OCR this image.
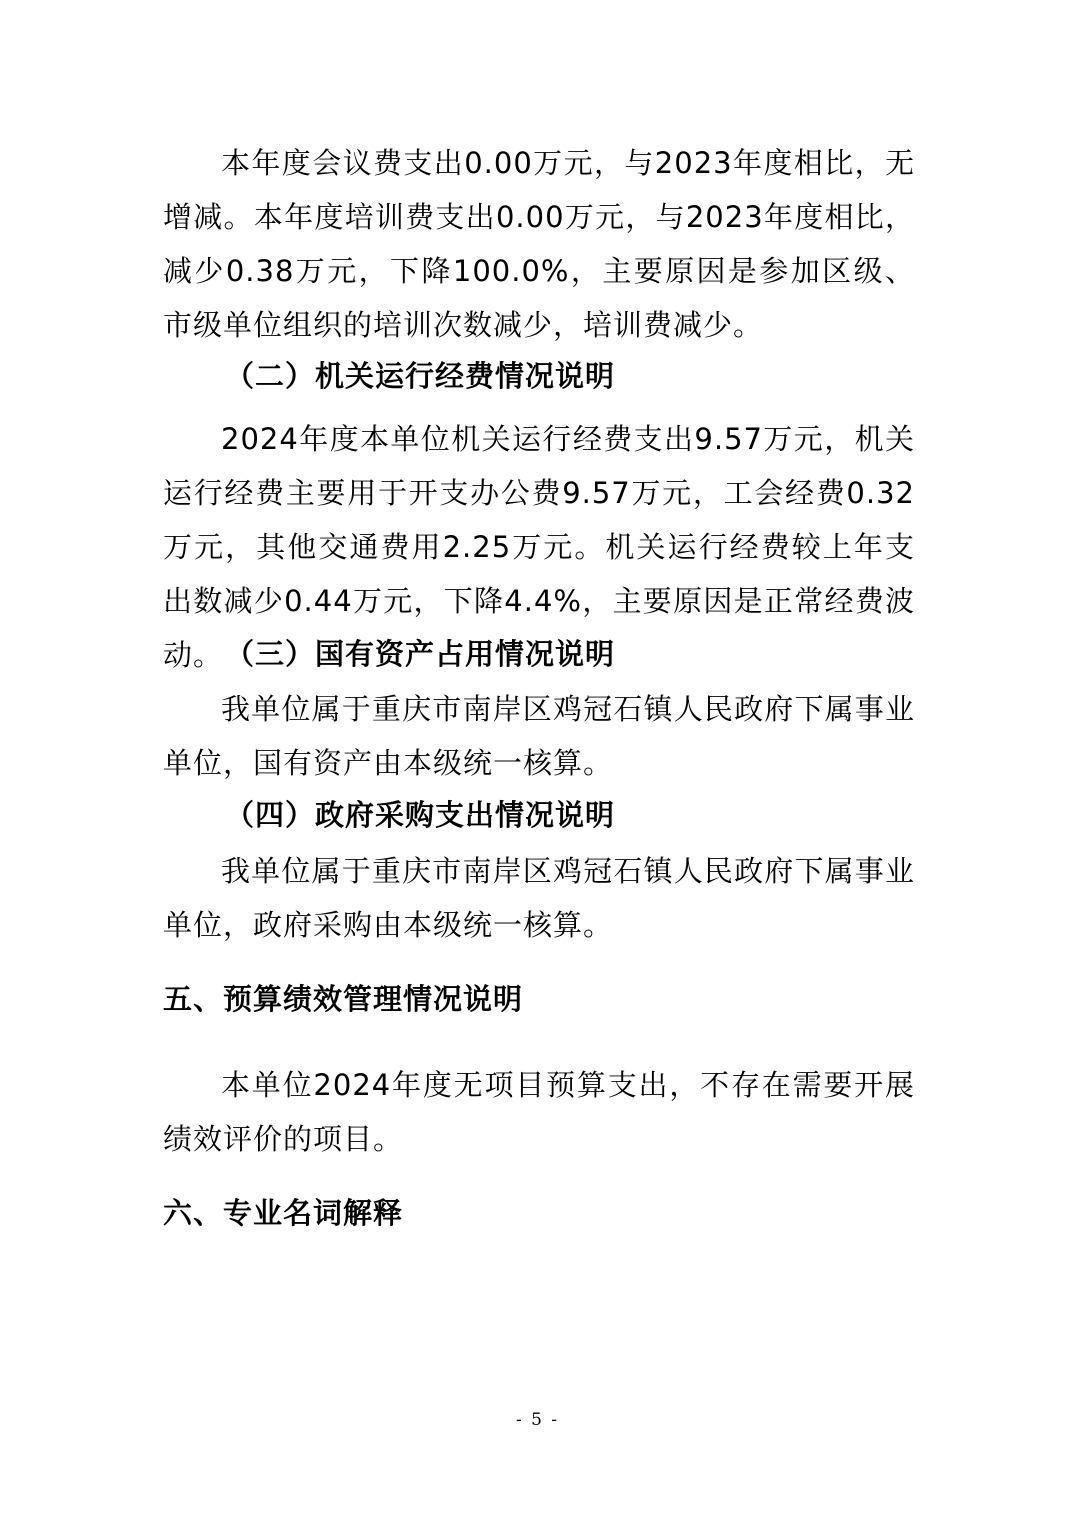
本年度会议费支出0.00万元，与2023年度相比，无增减。本年度培训费支出0.00万元，与2023年度相比，减少0.38万元，下降100.0%，主要原因是参加区级、市级单位组织的培训次数减少，培训费减少。

（二）机关运行经费情况说明

2024年度本单位机关运行经费支出9.57万元，机关运行经费主要用于开支办公费9.57万元，工会经费0.32万元，其他交通费用2.25万元。机关运行经费较上年支出数减少0.44万元，下降4.4%，主要原因是正常经费波动。 （三）国有资产占用情况说明

我单位属于重庆市南岸区鸡冠石镇人民政府下属事业单位，国有资产由本级统一核算。

（四）政府采购支出情况说明

我单位属于重庆市南岸区鸡冠石镇人民政府下属事业单位，政府采购由本级统一核算。

五、预算绩效管理情况说明

本单位2024年度无项目预算支出，不存在需要开展绩效评价的项目。

六、专业名词解释
- 5 -
